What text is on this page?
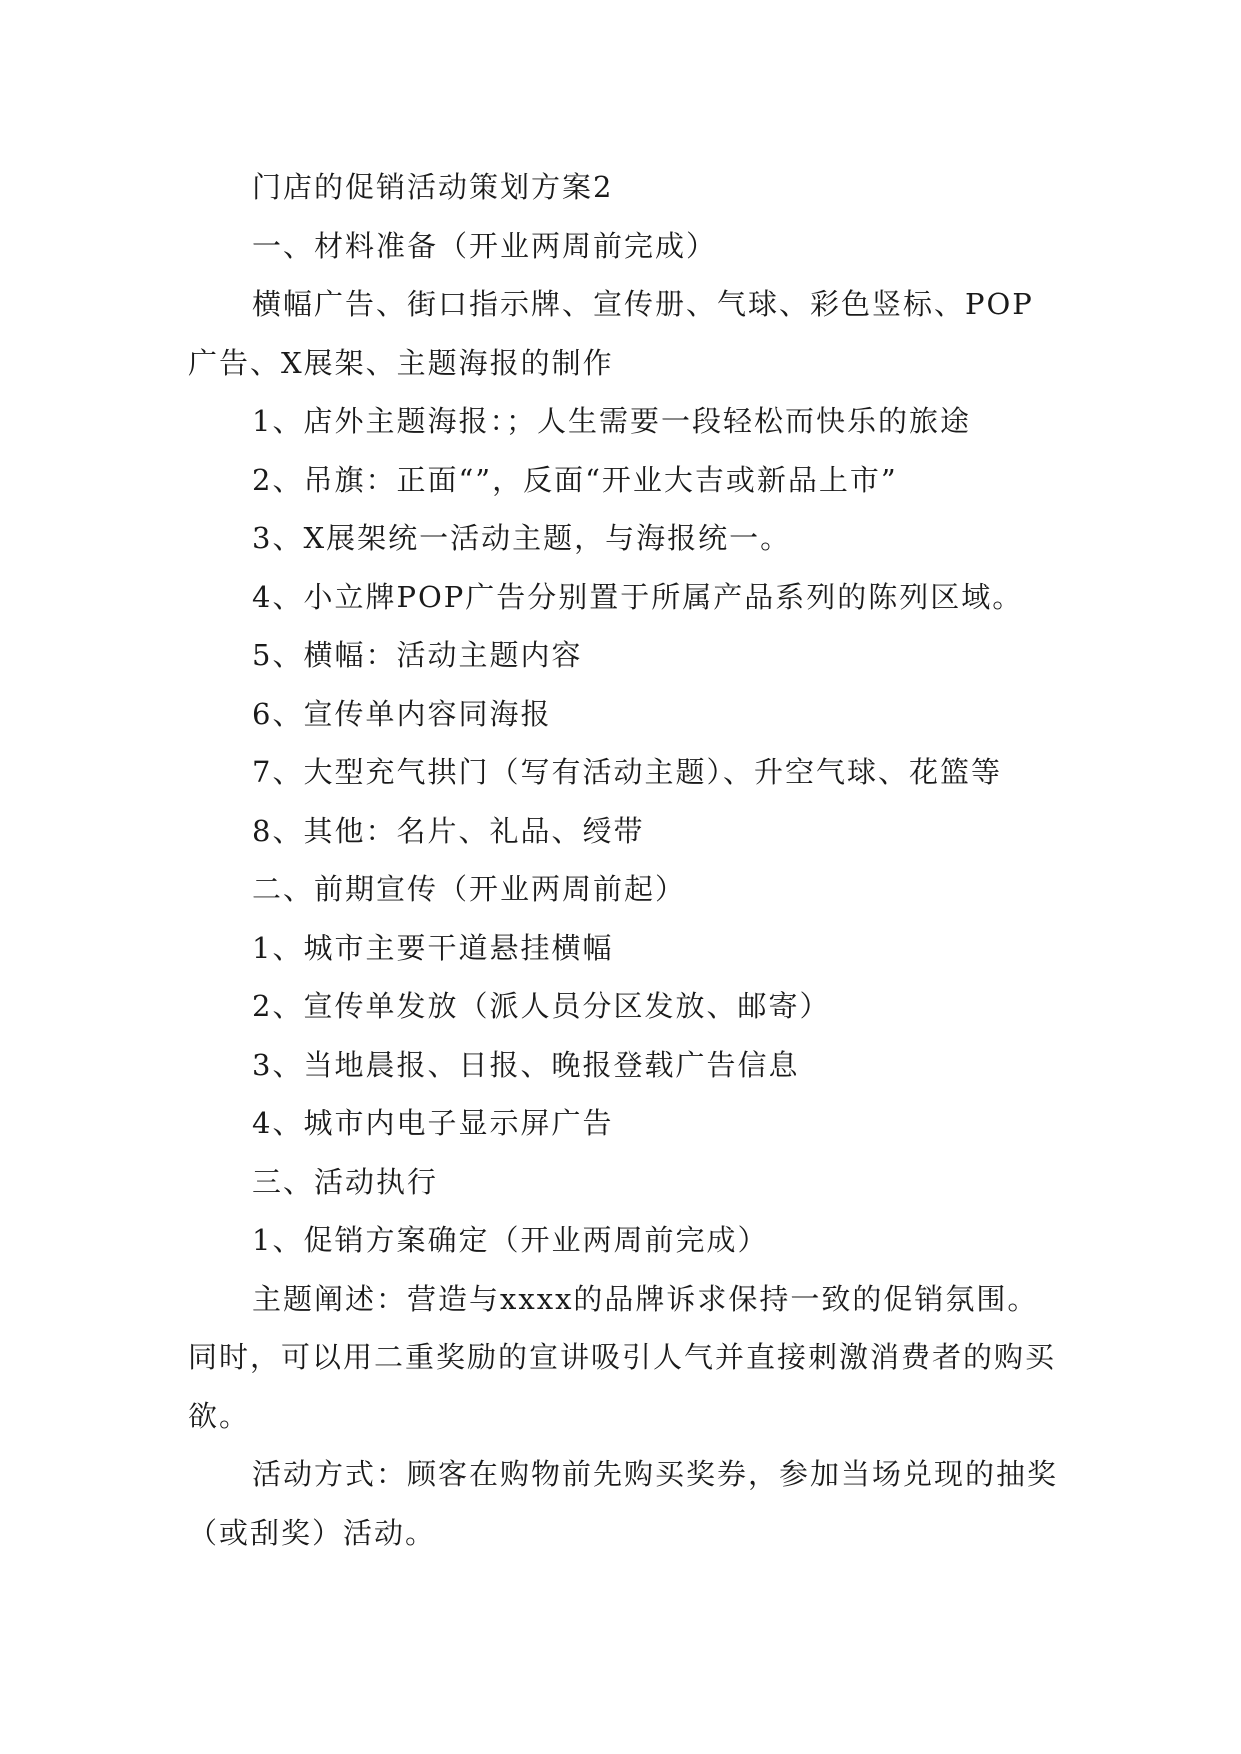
门店的促销活动策划方案2

一、材料准备（开业两周前完成）

横幅广告、街口指示牌、宣传册、气球、彩色竖标、POP广告、X展架、主题海报的制作

1、店外主题海报：；人生需要一段轻松而快乐的旅途

2、吊旗：正面“”，反面“开业大吉或新品上市”

3、X展架统一活动主题，与海报统一。

4、小立牌POP广告分别置于所属产品系列的陈列区域。

5、横幅：活动主题内容

6、宣传单内容同海报

7、大型充气拱门（写有活动主题）、升空气球、花篮等

8、其他：名片、礼品、绶带

二、前期宣传（开业两周前起）

1、城市主要干道悬挂横幅

2、宣传单发放（派人员分区发放、邮寄）

3、当地晨报、日报、晚报登载广告信息

4、城市内电子显示屏广告

三、活动执行

1、促销方案确定（开业两周前完成）

主题阐述：营造与xxxx的品牌诉求保持一致的促销氛围。同时，可以用二重奖励的宣讲吸引人气并直接刺激消费者的购买欲。

活动方式：顾客在购物前先购买奖券，参加当场兑现的抽奖（或刮奖）活动。
